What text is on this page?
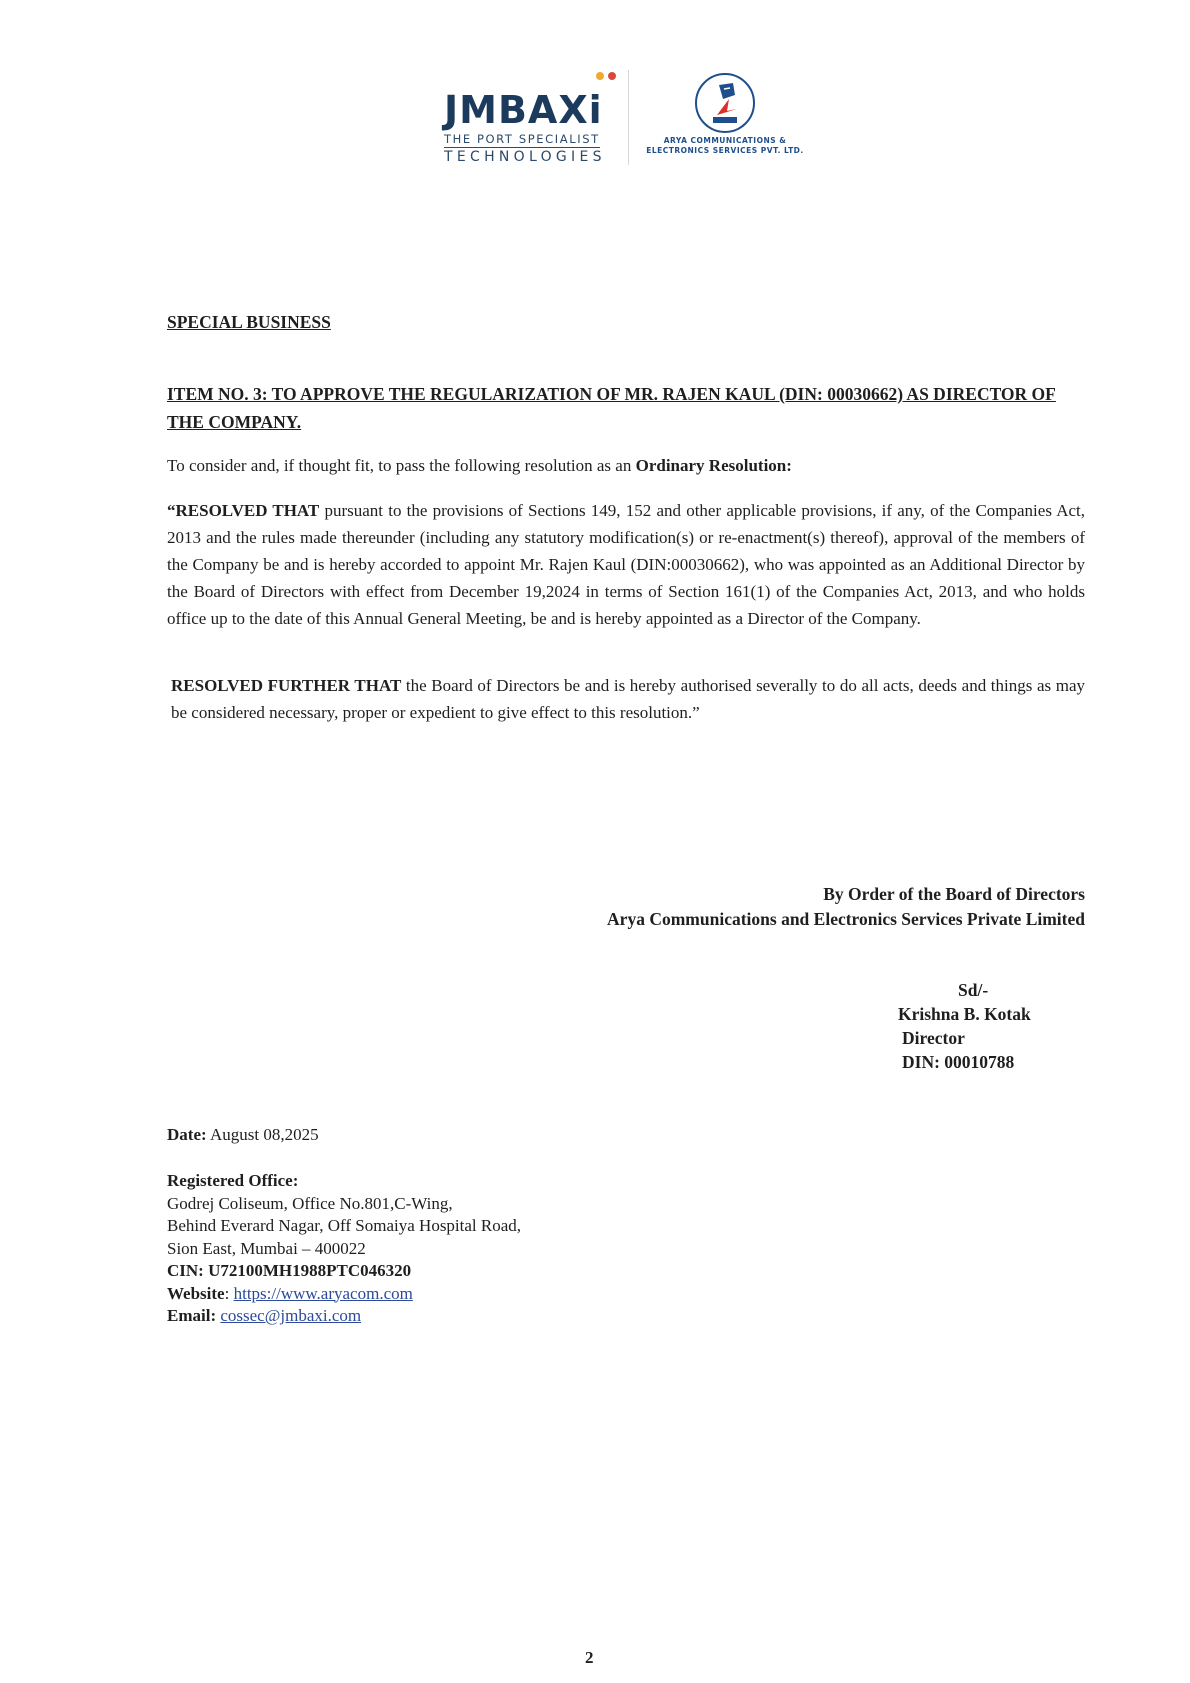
JMBAXi
THE PORT SPECIALIST
TECHNOLOGIES
ARYA COMMUNICATIONS &
ELECTRONICS SERVICES PVT. LTD.
SPECIAL BUSINESS
ITEM NO. 3: TO APPROVE THE REGULARIZATION OF MR. RAJEN KAUL (DIN: 00030662) AS DIRECTOR OF THE COMPANY.
To consider and, if thought fit, to pass the following resolution as an Ordinary Resolution:
“RESOLVED THAT pursuant to the provisions of Sections 149, 152 and other applicable provisions, if any, of the Companies Act, 2013 and the rules made thereunder (including any statutory modification(s) or re-enactment(s) thereof), approval of the members of the Company be and is hereby accorded to appoint Mr. Rajen Kaul (DIN:00030662), who was appointed as an Additional Director by the Board of Directors with effect from December 19,2024 in terms of Section 161(1) of the Companies Act, 2013, and who holds office up to the date of this Annual General Meeting, be and is hereby appointed as a Director of the Company.
RESOLVED FURTHER THAT the Board of Directors be and is hereby authorised severally to do all acts, deeds and things as may be considered necessary, proper or expedient to give effect to this resolution.”
By Order of the Board of Directors
Arya Communications and Electronics Services Private Limited
Sd/-
Krishna B. Kotak
Director
DIN: 00010788
Date: August 08,2025
Registered Office:
Godrej Coliseum, Office No.801,C-Wing,
Behind Everard Nagar, Off Somaiya Hospital Road,
Sion East, Mumbai – 400022
CIN: U72100MH1988PTC046320
Website: https://www.aryacom.com
Email: cossec@jmbaxi.com
2
